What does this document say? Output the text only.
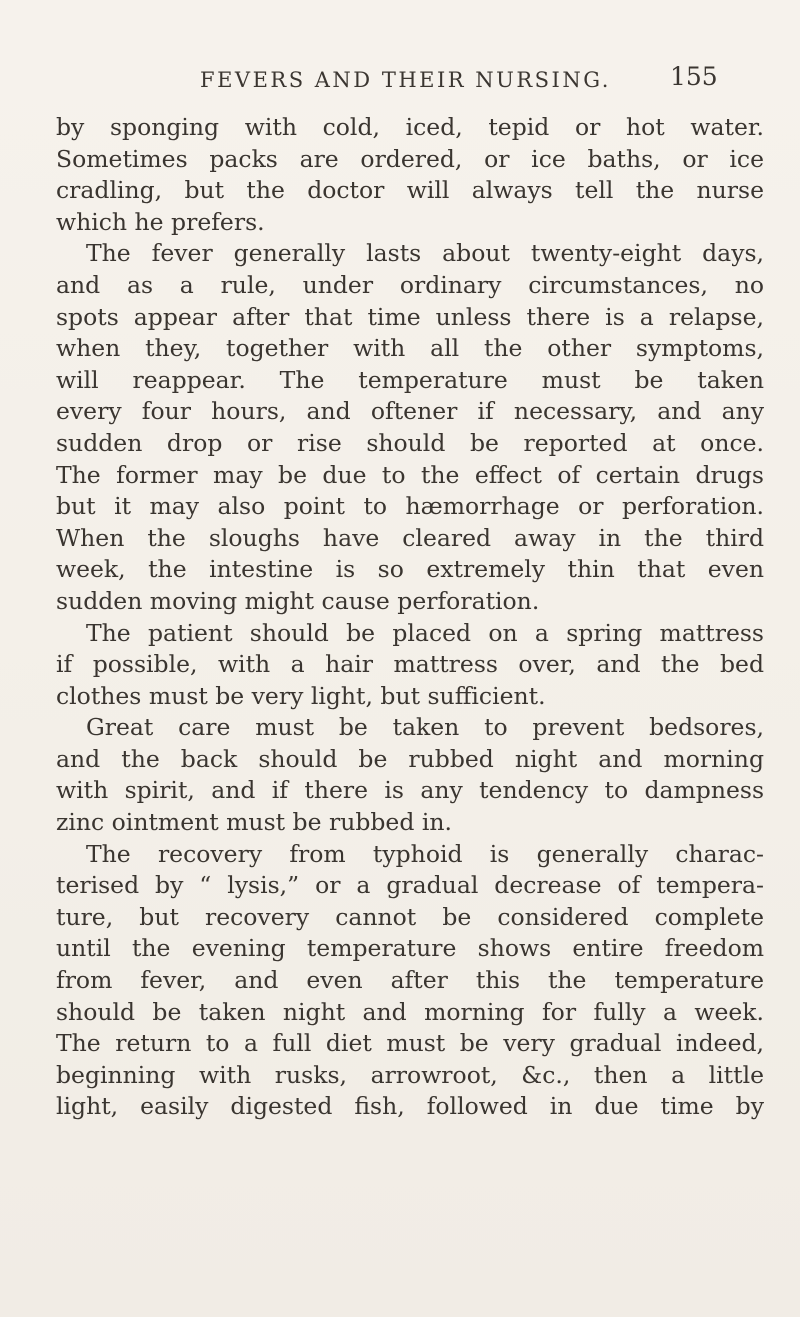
FEVERS AND THEIR NURSING. 155
by sponging with cold, iced, tepid or hot water.
Sometimes packs are ordered, or ice baths, or ice
cradling, but the doctor will always tell the nurse
which he prefers.
The fever generally lasts about twenty-eight days,
and as a rule, under ordinary circumstances, no
spots appear after that time unless there is a relapse,
when they, together with all the other symptoms,
will reappear. The temperature must be taken
every four hours, and oftener if necessary, and any
sudden drop or rise should be reported at once.
The former may be due to the effect of certain drugs
but it may also point to hæmorrhage or perforation.
When the sloughs have cleared away in the third
week, the intestine is so extremely thin that even
sudden moving might cause perforation.
The patient should be placed on a spring mattress
if possible, with a hair mattress over, and the bed
clothes must be very light, but sufficient.
Great care must be taken to prevent bedsores,
and the back should be rubbed night and morning
with spirit, and if there is any tendency to dampness
zinc ointment must be rubbed in.
The recovery from typhoid is generally charac-
terised by “ lysis,” or a gradual decrease of tempera-
ture, but recovery cannot be considered complete
until the evening temperature shows entire freedom
from fever, and even after this the temperature
should be taken night and morning for fully a week.
The return to a full diet must be very gradual indeed,
beginning with rusks, arrowroot, &c., then a little
light, easily digested fish, followed in due time by
